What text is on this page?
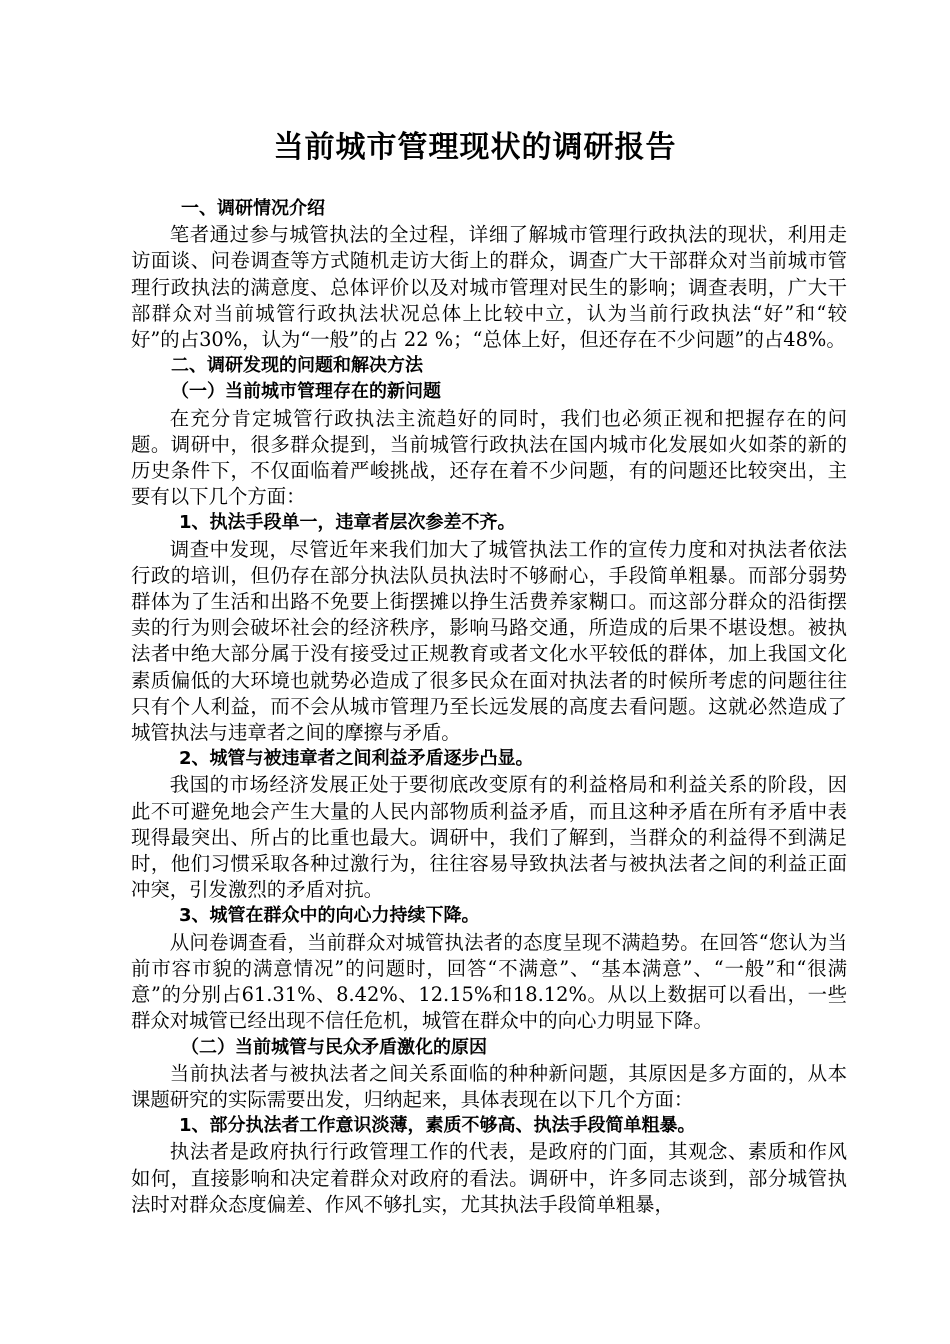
当前城市管理现状的调研报告

一、调研情况介绍

笔者通过参与城管执法的全过程，详细了解城市管理行政执法的现状，利用走访面谈、问卷调查等方式随机走访大街上的群众，调查广大干部群众对当前城市管理行政执法的满意度、总体评价以及对城市管理对民生的影响；调查表明，广大干部群众对当前城管行政执法状况总体上比较中立，认为当前行政执法“好”和“较好”的占30%，认为“一般”的占 22 %；“总体上好，但还存在不少问题”的占48%。

二、调研发现的问题和解决方法

（一）当前城市管理存在的新问题

在充分肯定城管行政执法主流趋好的同时，我们也必须正视和把握存在的问题。调研中，很多群众提到，当前城管行政执法在国内城市化发展如火如荼的新的历史条件下，不仅面临着严峻挑战，还存在着不少问题，有的问题还比较突出，主要有以下几个方面：

1、执法手段单一，违章者层次参差不齐。

调查中发现，尽管近年来我们加大了城管执法工作的宣传力度和对执法者依法行政的培训，但仍存在部分执法队员执法时不够耐心，手段简单粗暴。而部分弱势群体为了生活和出路不免要上街摆摊以挣生活费养家糊口。而这部分群众的沿街摆卖的行为则会破坏社会的经济秩序，影响马路交通，所造成的后果不堪设想。被执法者中绝大部分属于没有接受过正规教育或者文化水平较低的群体，加上我国文化素质偏低的大环境也就势必造成了很多民众在面对执法者的时候所考虑的问题往往只有个人利益，而不会从城市管理乃至长远发展的高度去看问题。这就必然造成了城管执法与违章者之间的摩擦与矛盾。

2、城管与被违章者之间利益矛盾逐步凸显。

我国的市场经济发展正处于要彻底改变原有的利益格局和利益关系的阶段，因此不可避免地会产生大量的人民内部物质利益矛盾，而且这种矛盾在所有矛盾中表现得最突出、所占的比重也最大。调研中，我们了解到，当群众的利益得不到满足时，他们习惯采取各种过激行为，往往容易导致执法者与被执法者之间的利益正面冲突，引发激烈的矛盾对抗。

3、城管在群众中的向心力持续下降。

从问卷调查看，当前群众对城管执法者的态度呈现不满趋势。在回答“您认为当前市容市貌的满意情况”的问题时，回答“不满意”、“基本满意”、“一般”和“很满意”的分别占61.31%、8.42%、12.15%和18.12%。从以上数据可以看出，一些群众对城管已经出现不信任危机，城管在群众中的向心力明显下降。

（二）当前城管与民众矛盾激化的原因

当前执法者与被执法者之间关系面临的种种新问题，其原因是多方面的，从本课题研究的实际需要出发，归纳起来，具体表现在以下几个方面：

1、部分执法者工作意识淡薄，素质不够高、执法手段简单粗暴。

执法者是政府执行行政管理工作的代表，是政府的门面，其观念、素质和作风如何，直接影响和决定着群众对政府的看法。调研中，许多同志谈到，部分城管执法时对群众态度偏差、作风不够扎实，尤其执法手段简单粗暴，
